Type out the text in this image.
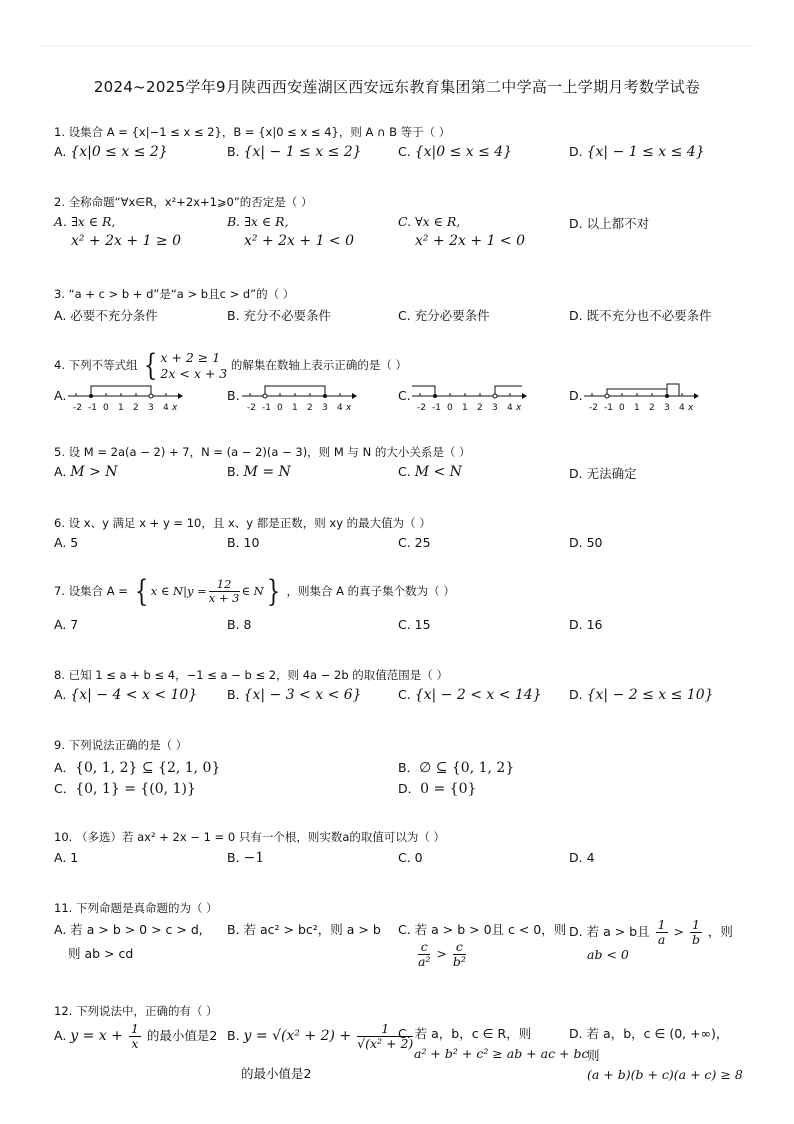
2024~2025学年9月陕西西安莲湖区西安远东教育集团第二中学高一上学期月考数学试卷
1. 设集合 A = {x|−1 ≤ x ≤ 2}，B = {x|0 ≤ x ≤ 4}，则 A ∩ B 等于（ ）
A. {x|0 ≤ x ≤ 2}	B. {x| − 1 ≤ x ≤ 2}	C. {x|0 ≤ x ≤ 4}	D. {x| − 1 ≤ x ≤ 4}
2. 全称命题“∀x∈R，x²+2x+1⩾0”的否定是（ ）
A. ∃x ∈ R,
x² + 2x + 1 ≥ 0
B. ∃x ∈ R,
x² + 2x + 1 < 0
C. ∀x ∈ R,
x² + 2x + 1 < 0
D. 以上都不对
3. “a + c > b + d”是“a > b且c > d”的（ ）
A. 必要不充分条件	B. 充分不必要条件	C. 充分必要条件	D. 既不充分也不必要条件
4. 下列不等式组 { x + 2 ≥ 1
2x < x + 3
的解集在数轴上表示正确的是（ ）
A.
-2 -1 0 1 2 3 4 x
B.
-2 -1 0 1 2 3 4 x
C.
-2 -1 0 1 2 3 4 x
D.
-2 -1 0 1 2 3 4 x
5. 设 M = 2a(a − 2) + 7，N = (a − 2)(a − 3)，则 M 与 N 的大小关系是（ ）
A. M > N	B. M = N	C. M < N	D. 无法确定
6. 设 x、y 满足 x + y = 10，且 x、y 都是正数，则 xy 的最大值为（ ）
A. 5	B. 10	C. 25	D. 50
7. 设集合 A = { x ∈ $N|y = \frac{12}{x + 3}$ ∈ N} ，则集合 A 的真子集个数为（ ）
A. 7	B. 8	C. 15	D. 16
8. 已知 1 ≤ a + b ≤ 4，−1 ≤ a − b ≤ 2，则 4a − 2b 的取值范围是（ ）
A. {x| − 4 < x < 10} B. {x| − 3 < x < 6}	C. {x| − 2 < x < 14} D. {x| − 2 ≤ x ≤ 10}
9. 下列说法正确的是（ ）
A．{0, 1, 2} ⊆ {2, 1, 0}	B．∅ ⊆ {0, 1, 2}
C．{0, 1} = {(0, 1)}	D．0 = {0}
10. （多选）若 ax² + 2x − 1 = 0 只有一个根，则实数a的取值可以为（ ）
A. 1	B. −1	C. 0	D. 4
11. 下列命题是真命题的为（ ）
A. 若 a > b > 0 > c > d,
则 ab > cd
B. 若 ac² > bc²，则 a > b C. 若 a > b > 0且 c < 0，则
$\frac{c}{\text{a²}} > \frac{c}{\text{b²}}$
D. 若 a > b且 $\frac{1}{a} > \frac{1}{b}$ ，则
ab < 0
12. 下列说法中，正确的有（ ）
A. $y = x + \frac{1}{x}$ 的最小值是2 B. $y = √(x^2 + 2) + \frac{1}{\text{√(x² + 2)}}$
的最小值是2
C. 若 a，b，c ∈ R，则
a² + b² + c² ≥ ab + ac + bc
D. 若 a，b，c ∈ (0, +∞)，
则
(a + b)(b + c)(a + c) ≥ 8
